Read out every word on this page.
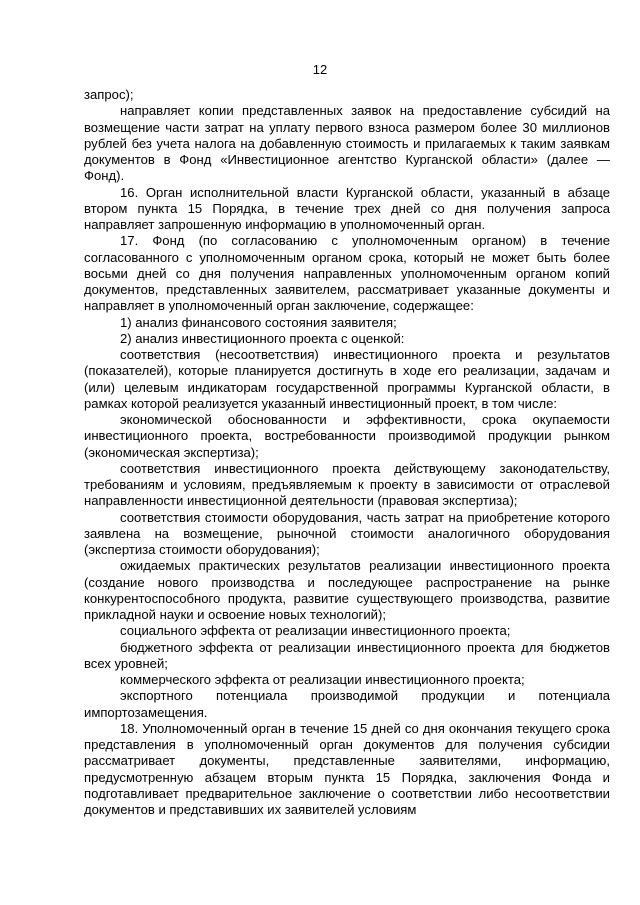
12

запрос);

направляет копии представленных заявок на предоставление субсидий на возмещение части затрат на уплату первого взноса размером более 30 миллионов рублей без учета налога на добавленную стоимость и прилагаемых к таким заявкам документов в Фонд «Инвестиционное агентство Курганской области» (далее — Фонд).

16. Орган исполнительной власти Курганской области, указанный в абзаце втором пункта 15 Порядка, в течение трех дней со дня получения запроса направляет запрошенную информацию в уполномоченный орган.

17. Фонд (по согласованию с уполномоченным органом) в течение согласованного с уполномоченным органом срока, который не может быть более восьми дней со дня получения направленных уполномоченным органом копий документов, представленных заявителем, рассматривает указанные документы и направляет в уполномоченный орган заключение, содержащее:

1) анализ финансового состояния заявителя;

2) анализ инвестиционного проекта с оценкой:

соответствия (несоответствия) инвестиционного проекта и результатов (показателей), которые планируется достигнуть в ходе его реализации, задачам и (или) целевым индикаторам государственной программы Курганской области, в рамках которой реализуется указанный инвестиционный проект, в том числе:

экономической обоснованности и эффективности, срока окупаемости инвестиционного проекта, востребованности производимой продукции рынком (экономическая экспертиза);

соответствия инвестиционного проекта действующему законодательству, требованиям и условиям, предъявляемым к проекту в зависимости от отраслевой направленности инвестиционной деятельности (правовая экспертиза);

соответствия стоимости оборудования, часть затрат на приобретение которого заявлена на возмещение, рыночной стоимости аналогичного оборудования (экспертиза стоимости оборудования);

ожидаемых практических результатов реализации инвестиционного проекта (создание нового производства и последующее распространение на рынке конкурентоспособного продукта, развитие существующего производства, развитие прикладной науки и освоение новых технологий);

социального эффекта от реализации инвестиционного проекта;

бюджетного эффекта от реализации инвестиционного проекта для бюджетов всех уровней;

коммерческого эффекта от реализации инвестиционного проекта;

экспортного потенциала производимой продукции и потенциала импортозамещения.

18. Уполномоченный орган в течение 15 дней со дня окончания текущего срока представления в уполномоченный орган документов для получения субсидии рассматривает документы, представленные заявителями, информацию, предусмотренную абзацем вторым пункта 15 Порядка, заключения Фонда и подготавливает предварительное заключение о соответствии либо несоответствии документов и представивших их заявителей условиям
